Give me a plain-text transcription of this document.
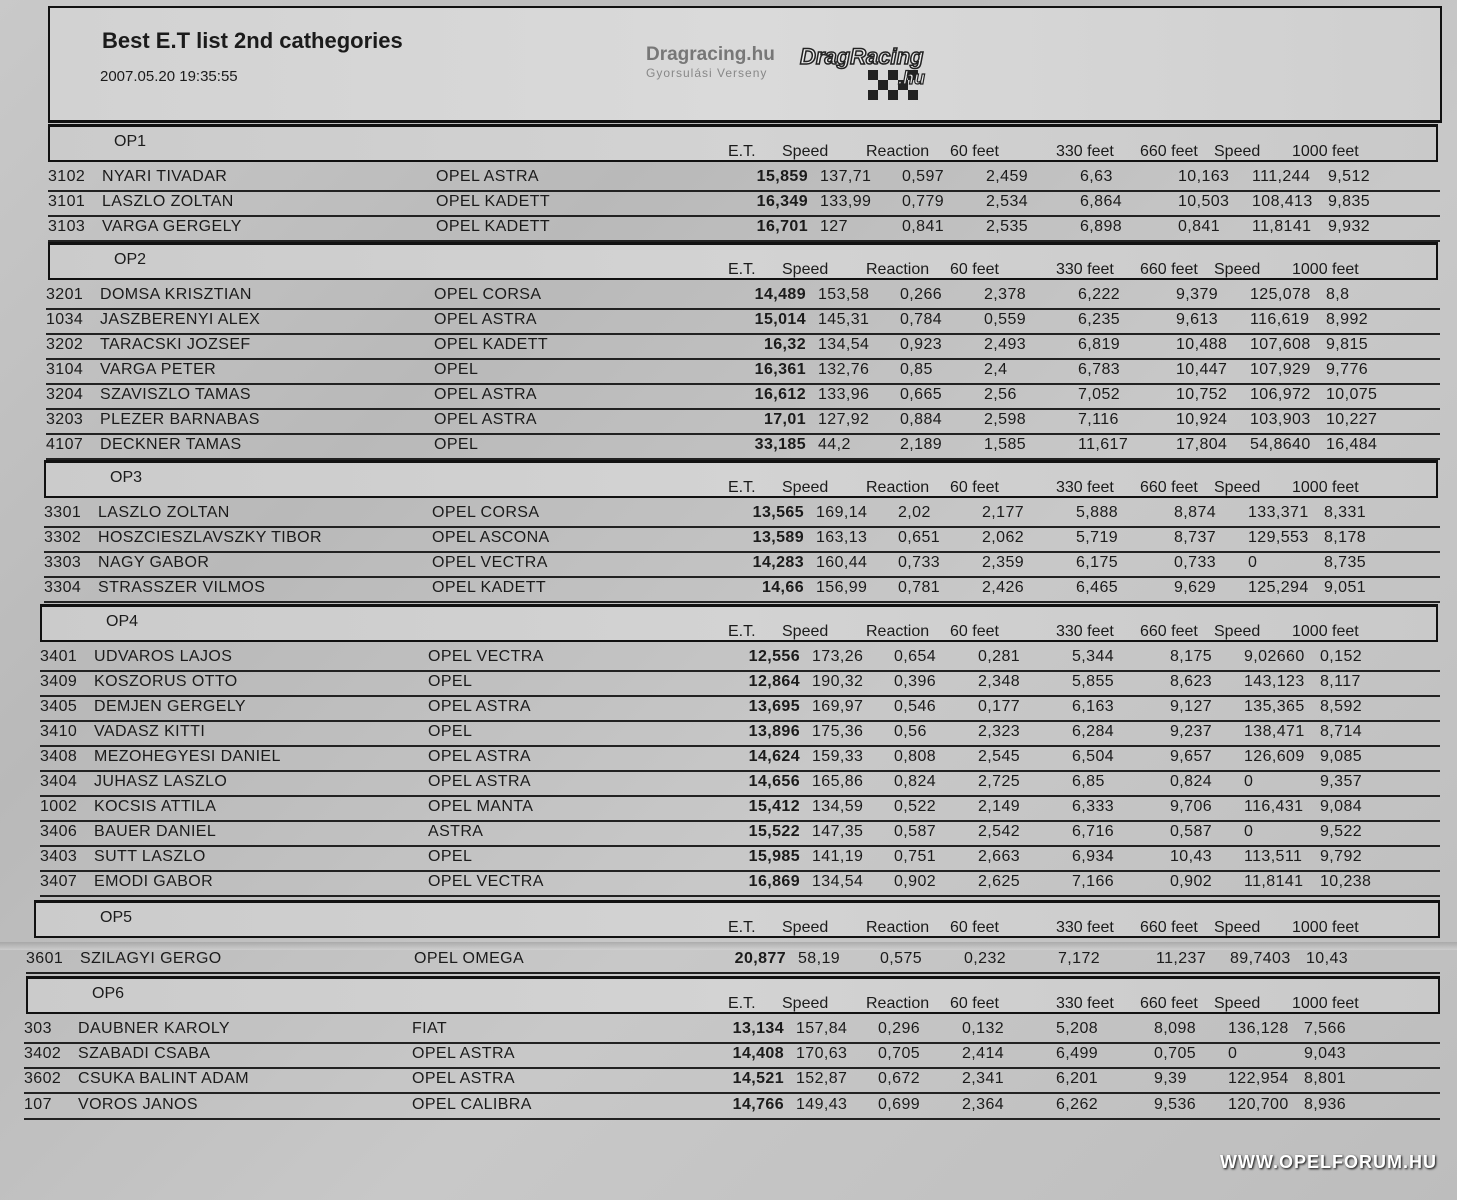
Best E.T list 2nd cathegories
2007.05.20 19:35:55
Dragracing.hu
Gyorsulási Verseny
DragRacing
.hu
OP1
E.T. Speed Reaction 60 feet	330 feet 660 feet Speed 1000 feet
3102 NYARI TIVADAR	OPEL ASTRA	15,859 137,71 0,597	2,459	6,63	10,163 111,244 9,512
3101 LASZLO ZOLTAN	OPEL KADETT	16,349 133,99 0,779	2,534	6,864	10,503 108,413 9,835
3103 VARGA GERGELY	OPEL KADETT	16,701 127	0,841	2,535	6,898	0,841 11,8141 9,932
OP2
E.T. Speed Reaction 60 feet	330 feet 660 feet Speed 1000 feet
3201 DOMSA KRISZTIAN	OPEL CORSA	14,489 153,58 0,266	2,378	6,222	9,379 125,078 8,8
1034 JASZBERENYI ALEX	OPEL ASTRA	15,014 145,31 0,784	0,559	6,235	9,613 116,619 8,992
3202 TARACSKI JOZSEF	OPEL KADETT	16,32 134,54 0,923	2,493	6,819	10,488 107,608 9,815
3104 VARGA PETER	OPEL	16,361 132,76 0,85	2,4	6,783	10,447 107,929 9,776
3204 SZAVISZLO TAMAS	OPEL ASTRA	16,612 133,96 0,665	2,56	7,052	10,752 106,972 10,075
3203 PLEZER BARNABAS	OPEL ASTRA	17,01 127,92 0,884	2,598	7,116	10,924 103,903 10,227
4107 DECKNER TAMAS	OPEL	33,185 44,2	2,189	1,585	11,617	17,804 54,8640 16,484
OP3
E.T. Speed Reaction 60 feet	330 feet 660 feet Speed 1000 feet
3301 LASZLO ZOLTAN	OPEL CORSA	13,565 169,14 2,02	2,177	5,888	8,874 133,371 8,331
3302 HOSZCIESZLAVSZKY TIBOR	OPEL ASCONA	13,589 163,13 0,651	2,062	5,719	8,737 129,553 8,178
3303 NAGY GABOR	OPEL VECTRA	14,283 160,44 0,733	2,359	6,175	0,733 0	8,735
3304 STRASSZER VILMOS	OPEL KADETT	14,66 156,99 0,781	2,426	6,465	9,629 125,294 9,051
OP4
E.T. Speed Reaction 60 feet	330 feet 660 feet Speed 1000 feet
3401 UDVAROS LAJOS	OPEL VECTRA	12,556 173,26 0,654	0,281	5,344	8,175 9,02660 0,152
3409 KOSZORUS OTTO	OPEL	12,864 190,32 0,396	2,348	5,855	8,623 143,123 8,117
3405 DEMJEN GERGELY	OPEL ASTRA	13,695 169,97 0,546	0,177	6,163	9,127 135,365 8,592
3410 VADASZ KITTI	OPEL	13,896 175,36 0,56	2,323	6,284	9,237 138,471 8,714
3408 MEZOHEGYESI DANIEL	OPEL ASTRA	14,624 159,33 0,808	2,545	6,504	9,657 126,609 9,085
3404 JUHASZ LASZLO	OPEL ASTRA	14,656 165,86 0,824	2,725	6,85	0,824 0	9,357
1002 KOCSIS ATTILA	OPEL MANTA	15,412 134,59 0,522	2,149	6,333	9,706 116,431 9,084
3406 BAUER DANIEL	ASTRA	15,522 147,35 0,587	2,542	6,716	0,587 0	9,522
3403 SUTT LASZLO	OPEL	15,985 141,19 0,751	2,663	6,934	10,43 113,511 9,792
3407 EMODI GABOR	OPEL VECTRA	16,869 134,54 0,902	2,625	7,166	0,902 11,8141 10,238
OP5
E.T. Speed Reaction 60 feet	330 feet 660 feet Speed 1000 feet
3601 SZILAGYI GERGO	OPEL OMEGA	20,877 58,19 0,575	0,232	7,172	11,237 89,7403 10,43
OP6
E.T. Speed Reaction 60 feet	330 feet 660 feet Speed 1000 feet
303 DAUBNER KAROLY	FIAT	13,134 157,84 0,296	0,132	5,208	8,098 136,128 7,566
3402 SZABADI CSABA	OPEL ASTRA	14,408 170,63 0,705	2,414	6,499	0,705 0	9,043
3602 CSUKA BALINT ADAM	OPEL ASTRA	14,521 152,87 0,672	2,341	6,201	9,39	122,954 8,801
107 VOROS JANOS	OPEL CALIBRA	14,766 149,43 0,699	2,364	6,262	9,536 120,700 8,936
WWW.OPELFORUM.HU
